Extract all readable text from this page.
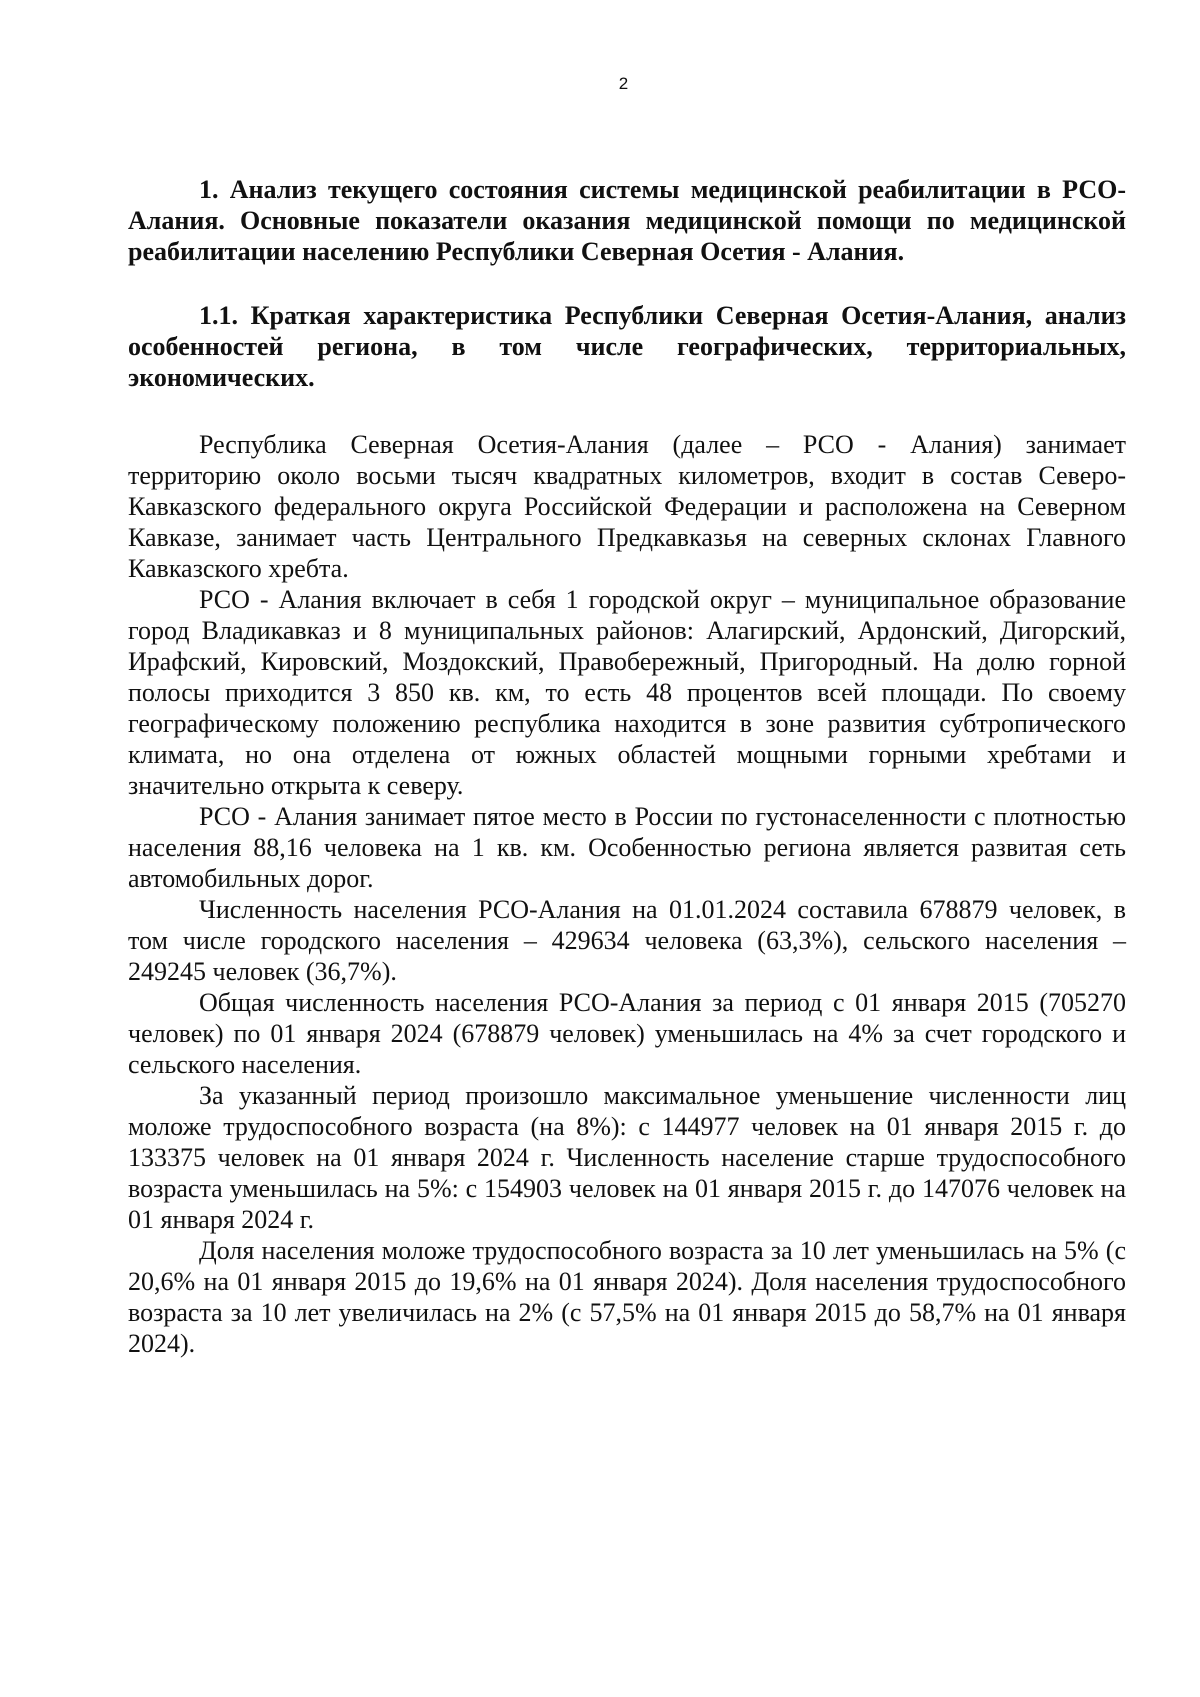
2

1. Анализ текущего состояния системы медицинской реабилитации в РСО-Алания. Основные показатели оказания медицинской помощи по медицинской реабилитации населению Республики Северная Осетия - Алания.

1.1. Краткая характеристика Республики Северная Осетия-Алания, анализ особенностей региона, в том числе географических, территориальных, экономических.

Республика Северная Осетия-Алания (далее – РСО - Алания) занимает территорию около восьми тысяч квадратных километров, входит в состав Северо-Кавказского федерального округа Российской Федерации и расположена на Северном Кавказе, занимает часть Центрального Предкавказья на северных склонах Главного Кавказского хребта.

РСО - Алания включает в себя 1 городской округ – муниципальное образование город Владикавказ и 8 муниципальных районов: Алагирский, Ардонский, Дигорский, Ирафский, Кировский, Моздокский, Правобережный, Пригородный. На долю горной полосы приходится 3 850 кв. км, то есть 48 процентов всей площади. По своему географическому положению республика находится в зоне развития субтропического климата, но она отделена от южных областей мощными горными хребтами и значительно открыта к северу.

РСО - Алания занимает пятое место в России по густонаселенности с плотностью населения 88,16 человека на 1 кв. км. Особенностью региона является развитая сеть автомобильных дорог.

Численность населения РСО-Алания на 01.01.2024 составила 678879 человек, в том числе городского населения – 429634 человека (63,3%), сельского населения – 249245 человек (36,7%).

Общая численность населения РСО-Алания за период с 01 января 2015 (705270 человек) по 01 января 2024 (678879 человек) уменьшилась на 4% за счет городского и сельского населения.

За указанный период произошло максимальное уменьшение численности лиц моложе трудоспособного возраста (на 8%): с 144977 человек на 01 января 2015 г. до 133375 человек на 01 января 2024 г. Численность население старше трудоспособного возраста уменьшилась на 5%: с 154903 человек на 01 января 2015 г. до 147076 человек на 01 января 2024 г.

Доля населения моложе трудоспособного возраста за 10 лет уменьшилась на 5% (с 20,6% на 01 января 2015 до 19,6% на 01 января 2024). Доля населения трудоспособного возраста за 10 лет увеличилась на 2% (с 57,5% на 01 января 2015 до 58,7% на 01 января 2024).
